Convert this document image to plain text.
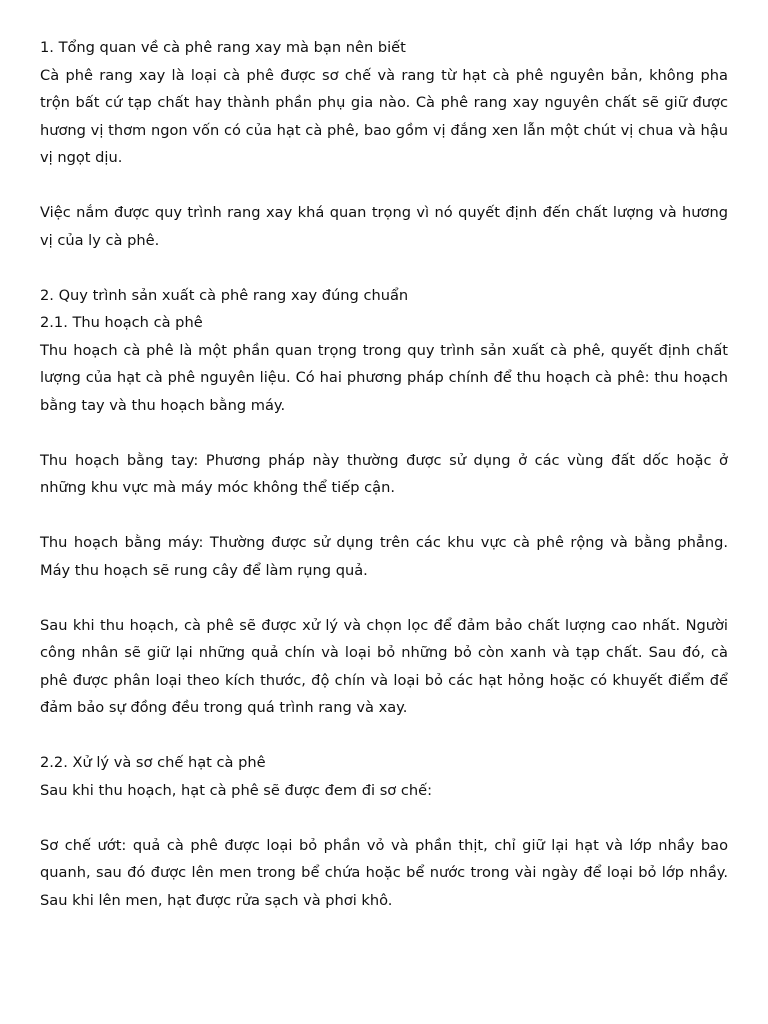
1. Tổng quan về cà phê rang xay mà bạn nên biết

Cà phê rang xay là loại cà phê được sơ chế và rang từ hạt cà phê nguyên bản, không pha trộn bất cứ tạp chất hay thành phần phụ gia nào. Cà phê rang xay nguyên chất sẽ giữ được hương vị thơm ngon vốn có của hạt cà phê, bao gồm vị đắng xen lẫn một chút vị chua và hậu vị ngọt dịu.

Việc nắm được quy trình rang xay khá quan trọng vì nó quyết định đến chất lượng và hương vị của ly cà phê.

2. Quy trình sản xuất cà phê rang xay đúng chuẩn

2.1. Thu hoạch cà phê

Thu hoạch cà phê là một phần quan trọng trong quy trình sản xuất cà phê, quyết định chất lượng của hạt cà phê nguyên liệu. Có hai phương pháp chính để thu hoạch cà phê: thu hoạch bằng tay và thu hoạch bằng máy.

Thu hoạch bằng tay: Phương pháp này thường được sử dụng ở các vùng đất dốc hoặc ở những khu vực mà máy móc không thể tiếp cận.

Thu hoạch bằng máy: Thường được sử dụng trên các khu vực cà phê rộng và bằng phẳng. Máy thu hoạch sẽ rung cây để làm rụng quả.

Sau khi thu hoạch, cà phê sẽ được xử lý và chọn lọc để đảm bảo chất lượng cao nhất. Người công nhân sẽ giữ lại những quả chín và loại bỏ những bỏ còn xanh và tạp chất. Sau đó, cà phê được phân loại theo kích thước, độ chín và loại bỏ các hạt hỏng hoặc có khuyết điểm để đảm bảo sự đồng đều trong quá trình rang và xay.

2.2. Xử lý và sơ chế hạt cà phê

Sau khi thu hoạch, hạt cà phê sẽ được đem đi sơ chế:

Sơ chế ướt: quả cà phê được loại bỏ phần vỏ và phần thịt, chỉ giữ lại hạt và lớp nhầy bao quanh, sau đó được lên men trong bể chứa hoặc bể nước trong vài ngày để loại bỏ lớp nhầy. Sau khi lên men, hạt được rửa sạch và phơi khô.
